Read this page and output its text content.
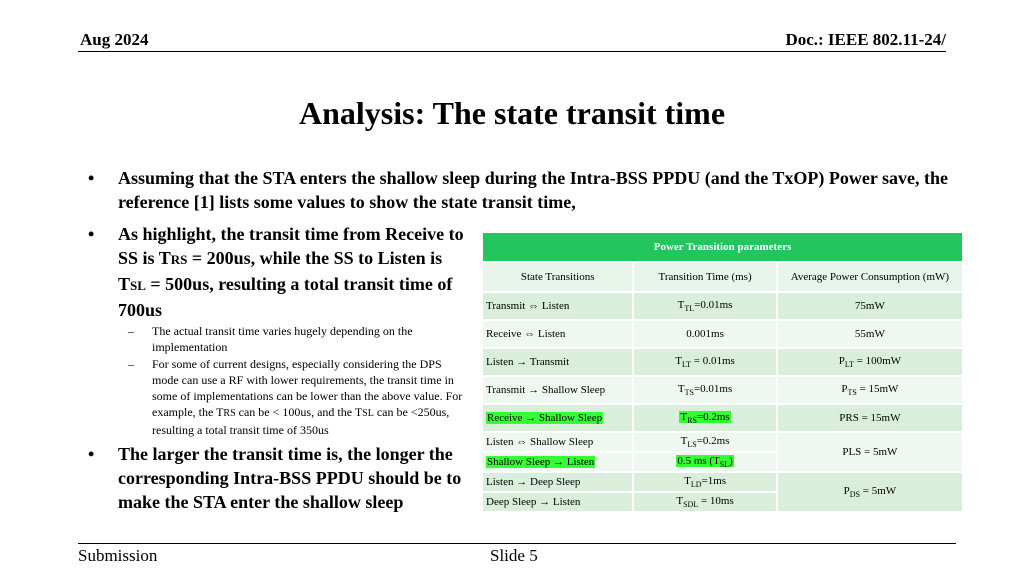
Aug 2024	Doc.: IEEE 802.11-24/
Analysis: The state transit time
• Assuming that the STA enters the shallow sleep during the Intra-BSS PPDU (and the TxOP) Power save, the reference [1] lists some values to show the state transit time,
• As highlight, the transit time from Receive to SS is TRS = 200us, while the SS to Listen is TSL = 500us, resulting a total transit time of 700us
– The actual transit time varies hugely depending on the implementation
– For some of current designs, especially considering the DPS mode can use a RF with lower requirements, the transit time in some of implementations can be lower than the above value. For example, the TRS can be < 100us, and the TSL can be <250us, resulting a total transit time of 350us
• The larger the transit time is, the longer the corresponding Intra-BSS PPDU should be to make the STA enter the shallow sleep
Power Transition parameters		
State Transitions	Transition Time (ms)	Average Power Consumption (mW)
Transmit ⇔ Listen	$T_{TL}=0.01ms$	75mW
Receive ⇔ Listen	0.001ms	55mW
Listen → Transmit	$T_{LT} = 0.01ms$	$P_{LT} = 100mW$
Transmit → Shallow Sleep	$T_{TS}=0.01ms$	$P_{TS} = 15mW$
Receive → Shallow Sleep	$T_{RS}=0.2ms$	PRS = 15mW
Listen ⇔ Shallow Sleep	$T_{LS}=0.2ms$	PLS = 5mW
Shallow Sleep → Listen	0.5 ms $(T_{SL})$	
Listen → Deep Sleep	$T_{LD}=1ms$	$P_{DS} = 5mW$
Deep Sleep → Listen	$T_{SDL} = 10ms$	
Submission	Slide 5
